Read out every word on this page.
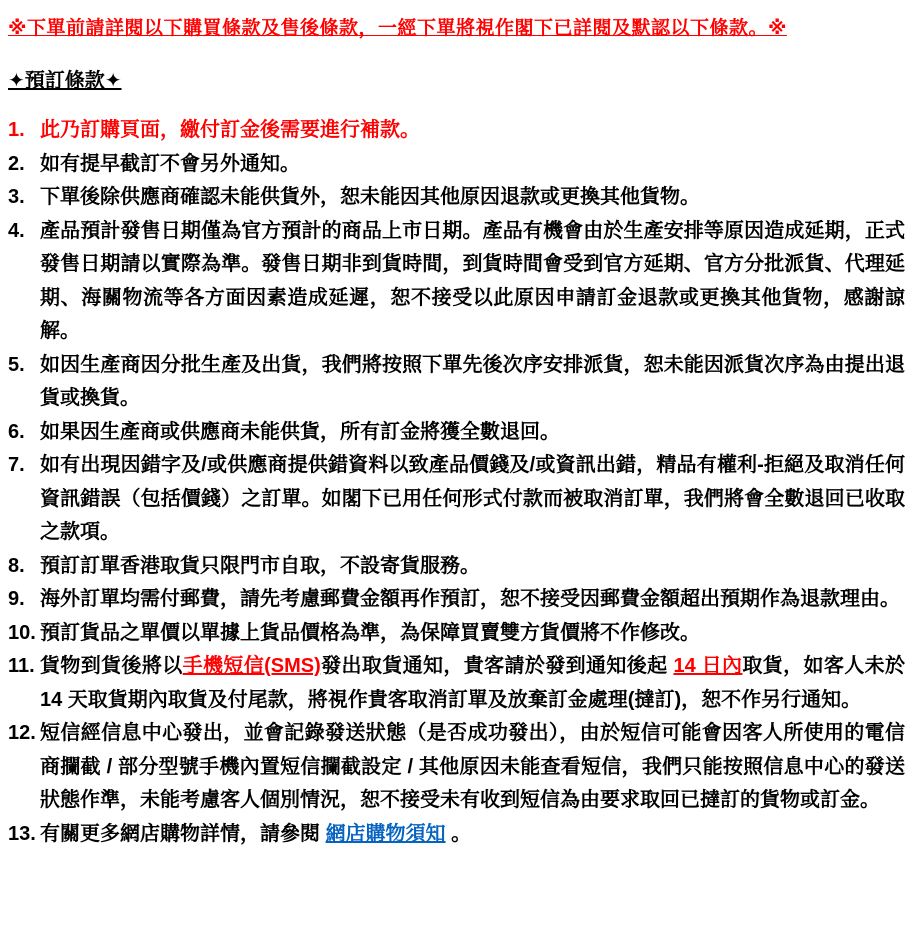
※下單前請詳閱以下購買條款及售後條款，一經下單將視作閣下已詳閱及默認以下條款。※
✦預訂條款✦
1. 此乃訂購頁面，繳付訂金後需要進行補款。
2. 如有提早截訂不會另外通知。
3. 下單後除供應商確認未能供貨外，恕未能因其他原因退款或更換其他貨物。
4. 產品預計發售日期僅為官方預計的商品上市日期。產品有機會由於生產安排等原因造成延期，正式發售日期請以實際為準。發售日期非到貨時間，到貨時間會受到官方延期、官方分批派貨、代理延期、海關物流等各方面因素造成延遲，恕不接受以此原因申請訂金退款或更換其他貨物，感謝諒解。
5. 如因生產商因分批生產及出貨，我們將按照下單先後次序安排派貨，恕未能因派貨次序為由提出退貨或換貨。
6. 如果因生產商或供應商未能供貨，所有訂金將獲全數退回。
7. 如有出現因錯字及/或供應商提供錯資料以致產品價錢及/或資訊出錯，精品有權利-拒絕及取消任何資訊錯誤（包括價錢）之訂單。如閣下已用任何形式付款而被取消訂單，我們將會全數退回已收取之款項。
8. 預訂訂單香港取貨只限門市自取，不設寄貨服務。
9. 海外訂單均需付郵費，請先考慮郵費金額再作預訂，恕不接受因郵費金額超出預期作為退款理由。
10. 預訂貨品之單價以單據上貨品價格為準，為保障買賣雙方貨價將不作修改。
11. 貨物到貨後將以手機短信(SMS)發出取貨通知，貴客請於發到通知後起 14 日內取貨，如客人未於 14 天取貨期內取貨及付尾款，將視作貴客取消訂單及放棄訂金處理(撻訂)，恕不作另行通知。
12. 短信經信息中心發出，並會記錄發送狀態（是否成功發出），由於短信可能會因客人所使用的電信商攔截 / 部分型號手機內置短信攔截設定 / 其他原因未能查看短信，我們只能按照信息中心的發送狀態作準，未能考慮客人個別情況，恕不接受未有收到短信為由要求取回已撻訂的貨物或訂金。
13. 有關更多網店購物詳情，請參閱 網店購物須知 。
